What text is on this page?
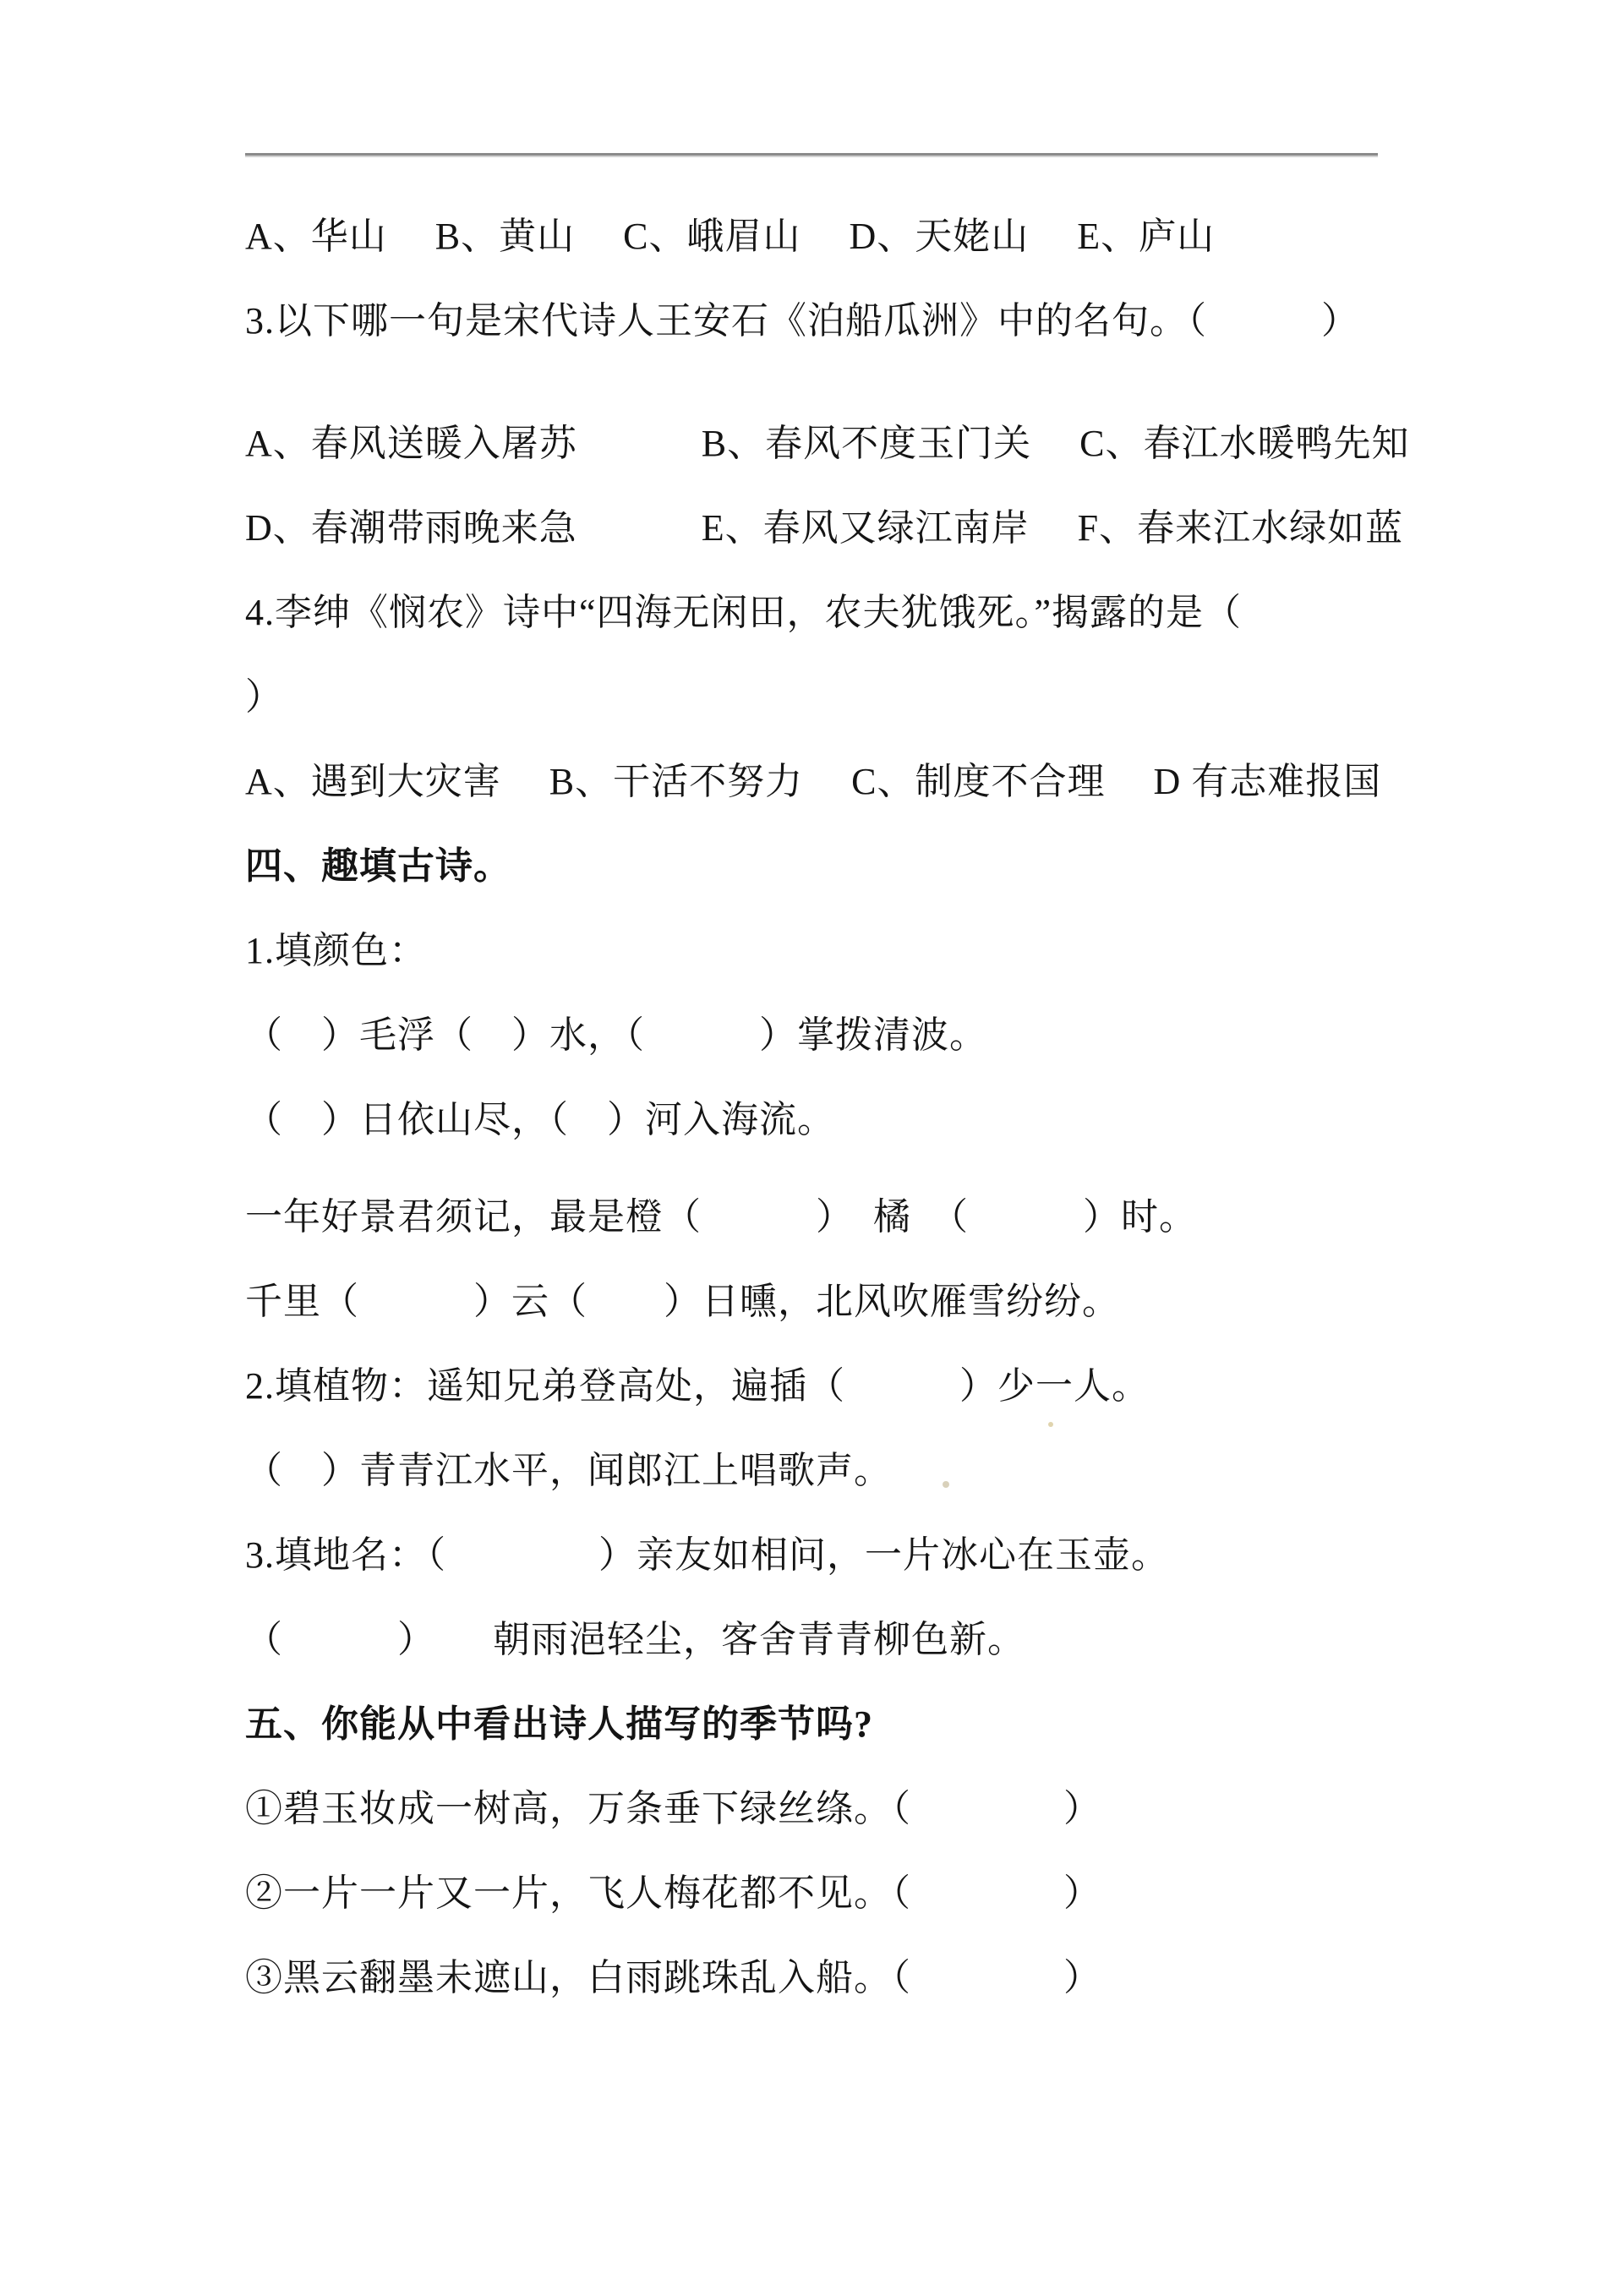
A、华山　 B、黄山　 C、峨眉山　 D、天姥山　 E、庐山

3.以下哪一句是宋代诗人王安石《泊船瓜洲》中的名句。（　　　）

A、春风送暖入屠苏　　　 B、春风不度玉门关　 C、春江水暖鸭先知

D、春潮带雨晚来急　　　 E、春风又绿江南岸　 F、春来江水绿如蓝

4.李绅《悯农》诗中“四海无闲田，农夫犹饿死。”揭露的是（

）

A、遇到大灾害　 B、干活不努力　 C、制度不合理　 D 有志难报国

四、趣填古诗。

1.填颜色：

（　）毛浮（　）水，（　　　）掌拨清波。

（　）日依山尽，（　）河入海流。

一年好景君须记，最是橙（　　　）　橘　（　　　）时。

千里（　　　）云（　　）日曛，北风吹雁雪纷纷。

2.填植物：遥知兄弟登高处，遍插（　　　）少一人。

（　）青青江水平，闻郎江上唱歌声。

3.填地名：（　　　　）亲友如相问，一片冰心在玉壶。

（　　　）　　朝雨浥轻尘，客舍青青柳色新。

五、你能从中看出诗人描写的季节吗?

①碧玉妆成一树高，万条垂下绿丝绦。（　　　　）

②一片一片又一片，飞人梅花都不见。（　　　　）

③黑云翻墨未遮山，白雨跳珠乱入船。（　　　　）
